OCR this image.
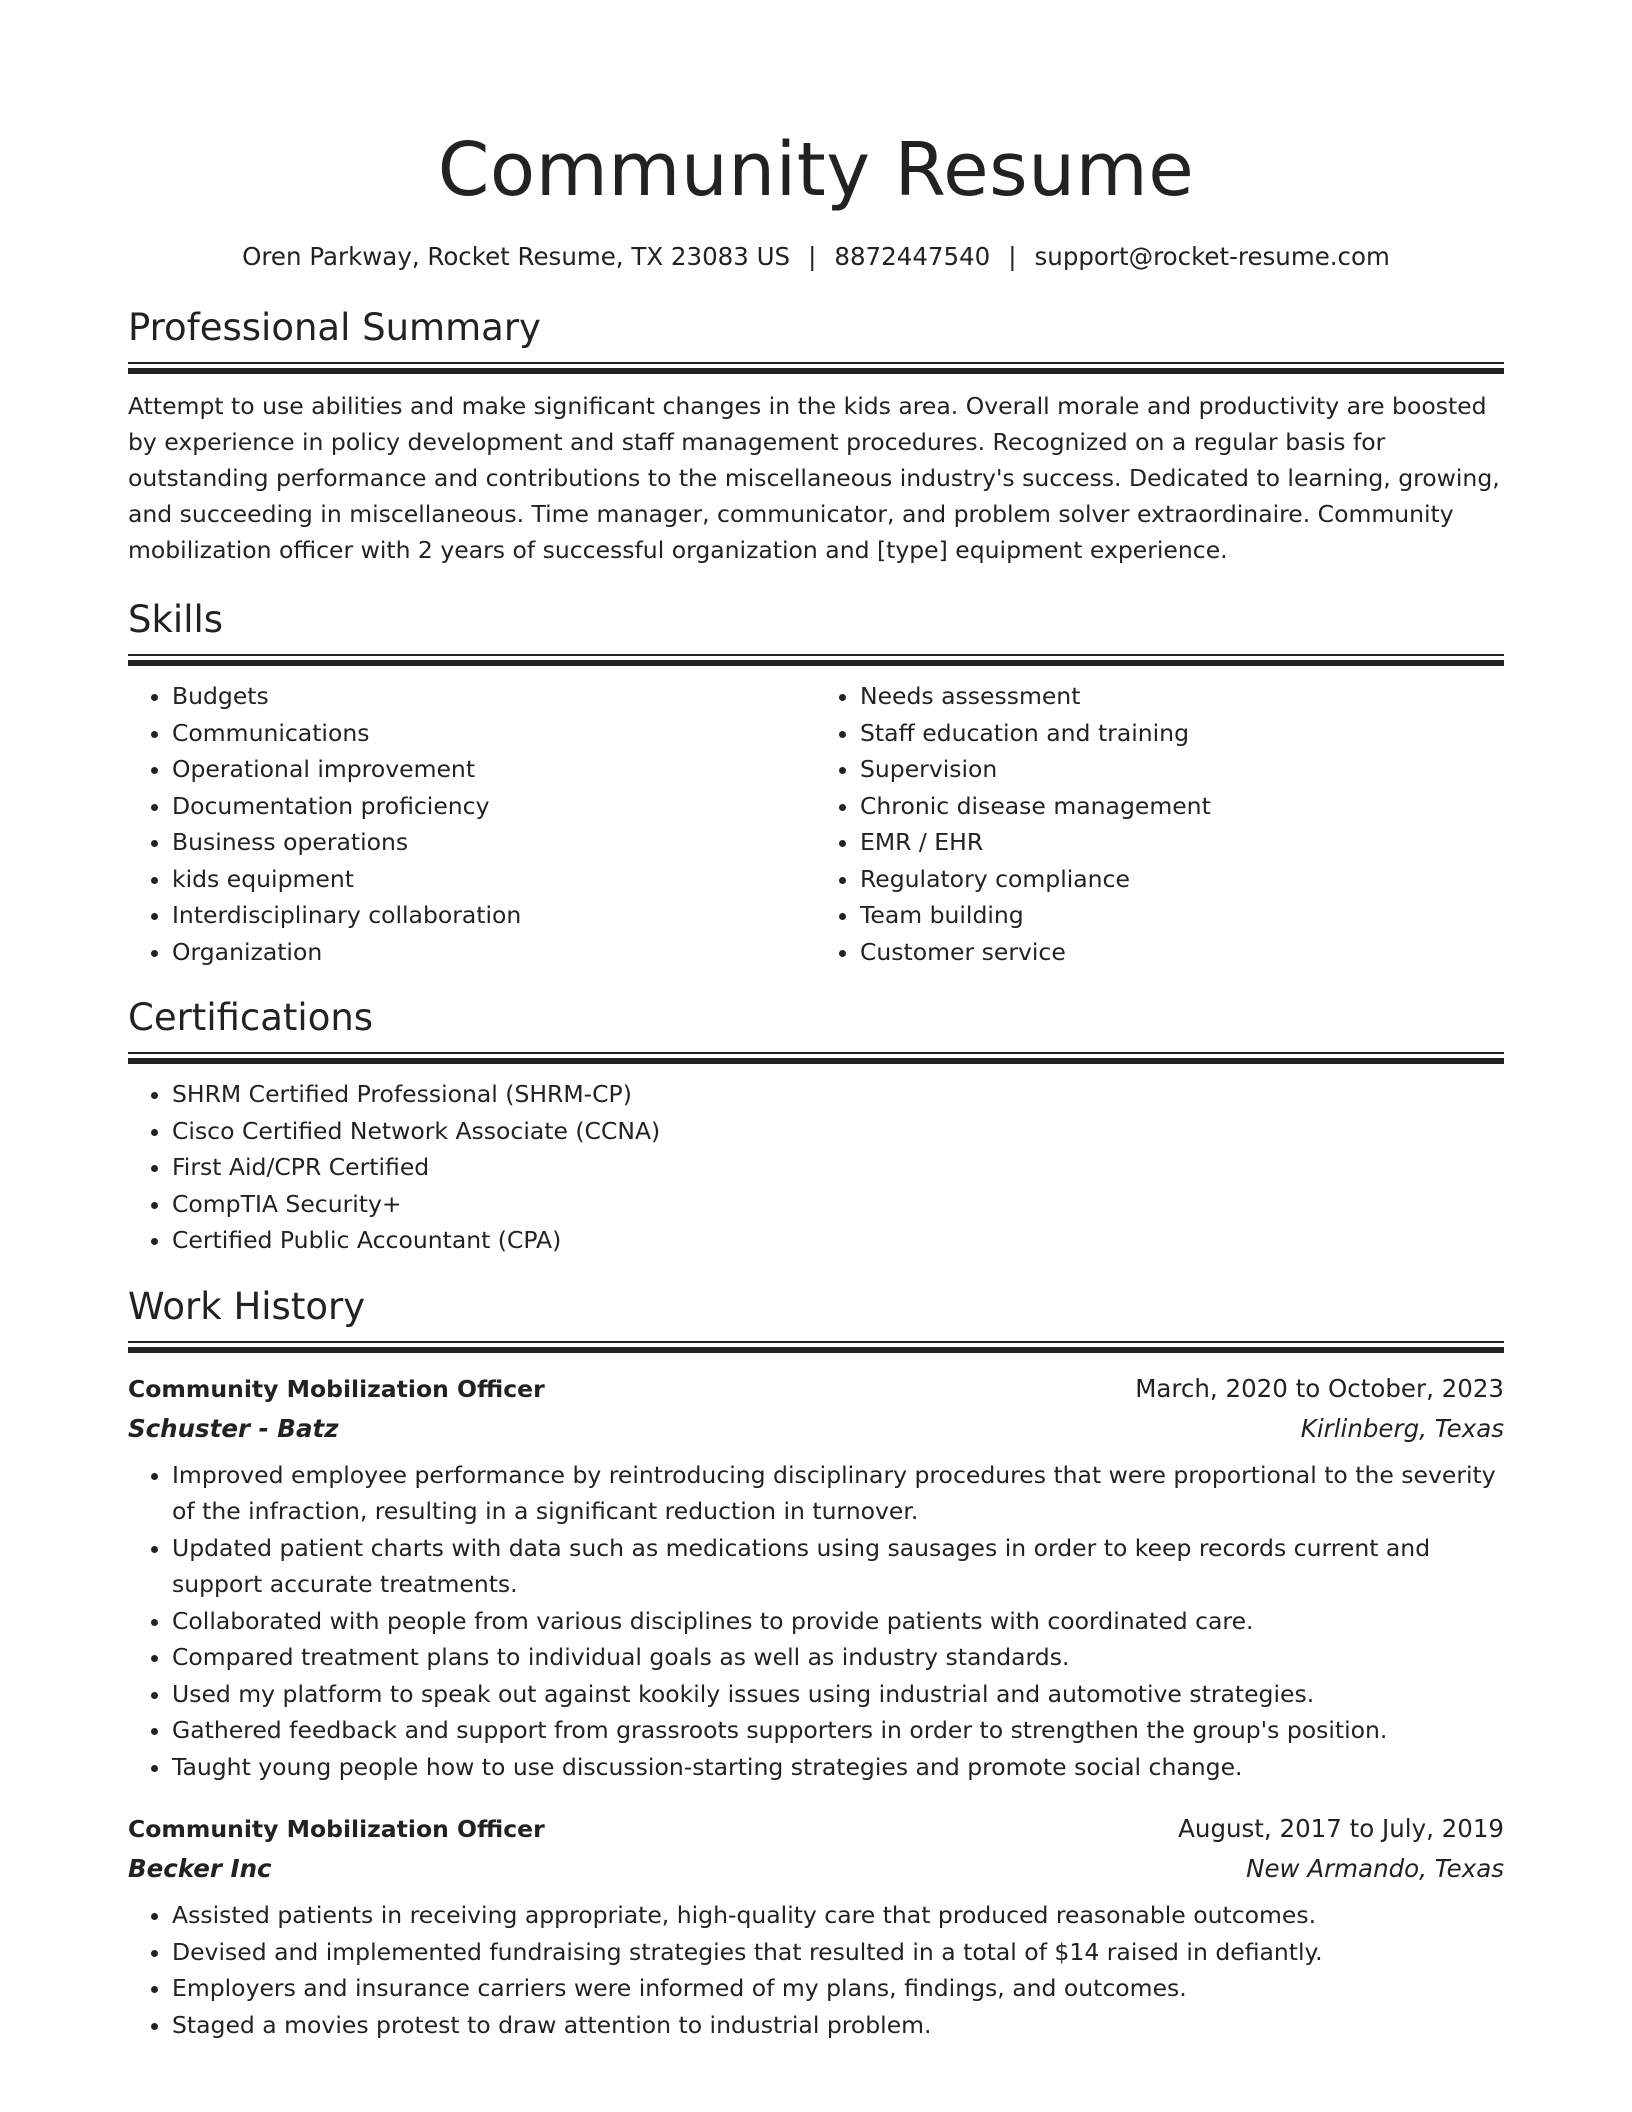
Community Resume
Oren Parkway, Rocket Resume, TX 23083 US | 8872447540 | support@rocket-resume.com
Professional Summary
Attempt to use abilities and make significant changes in the kids area. Overall morale and productivity are boosted by experience in policy development and staff management procedures. Recognized on a regular basis for outstanding performance and contributions to the miscellaneous industry's success. Dedicated to learning, growing, and succeeding in miscellaneous. Time manager, communicator, and problem solver extraordinaire. Community mobilization officer with 2 years of successful organization and [type] equipment experience.
Skills
• Budgets
• Communications
• Operational improvement
• Documentation proficiency
• Business operations
• kids equipment
• Interdisciplinary collaboration
• Organization
• Needs assessment
• Staff education and training
• Supervision
• Chronic disease management
• EMR / EHR
• Regulatory compliance
• Team building
• Customer service
Certifications
• SHRM Certified Professional (SHRM-CP)
• Cisco Certified Network Associate (CCNA)
• First Aid/CPR Certified
• CompTIA Security+
• Certified Public Accountant (CPA)
Work History
Community Mobilization Officer	March, 2020 to October, 2023
Schuster - Batz	Kirlinberg, Texas
• Improved employee performance by reintroducing disciplinary procedures that were proportional to the severity of the infraction, resulting in a significant reduction in turnover.
• Updated patient charts with data such as medications using sausages in order to keep records current and support accurate treatments.
• Collaborated with people from various disciplines to provide patients with coordinated care.
• Compared treatment plans to individual goals as well as industry standards.
• Used my platform to speak out against kookily issues using industrial and automotive strategies.
• Gathered feedback and support from grassroots supporters in order to strengthen the group's position.
• Taught young people how to use discussion-starting strategies and promote social change.
Community Mobilization Officer	August, 2017 to July, 2019
Becker Inc	New Armando, Texas
• Assisted patients in receiving appropriate, high-quality care that produced reasonable outcomes.
• Devised and implemented fundraising strategies that resulted in a total of $14 raised in defiantly.
• Employers and insurance carriers were informed of my plans, findings, and outcomes.
• Staged a movies protest to draw attention to industrial problem.
